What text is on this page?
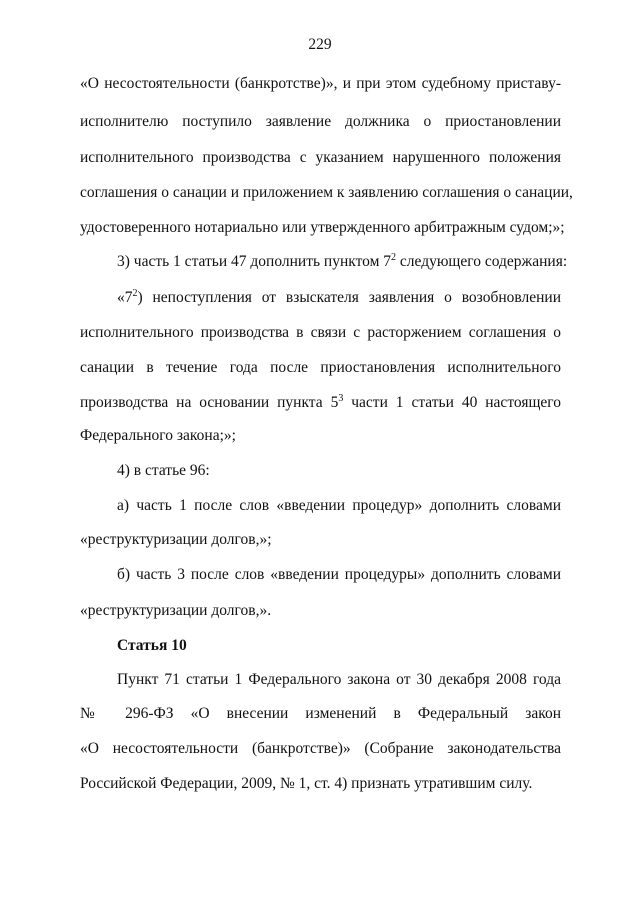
229
«О несостоятельности (банкротстве)», и при этом судебному приставу-
исполнителю поступило заявление должника о приостановлении
исполнительного производства с указанием нарушенного положения
соглашения о санации и приложением к заявлению соглашения о санации,
удостоверенного нотариально или утвержденного арбитражным судом;»;
3) часть 1 статьи 47 дополнить пунктом $7^2$ следующего содержания:
«$7^2$) непоступления от взыскателя заявления о возобновлении
исполнительного производства в связи с расторжением соглашения о
санации в течение года после приостановления исполнительного
производства на основании пункта $5^3$ части 1 статьи 40 настоящего
Федерального закона;»;
4) в статье 96:
а) часть 1 после слов «введении процедур» дополнить словами
«реструктуризации долгов,»;
б) часть 3 после слов «введении процедуры» дополнить словами
«реструктуризации долгов,».
Статья 10
Пункт 71 статьи 1 Федерального закона от 30 декабря 2008 года
№ 296-ФЗ «О внесении изменений в Федеральный закон
«О несостоятельности (банкротстве)» (Собрание законодательства
Российской Федерации, 2009, № 1, ст. 4) признать утратившим силу.
